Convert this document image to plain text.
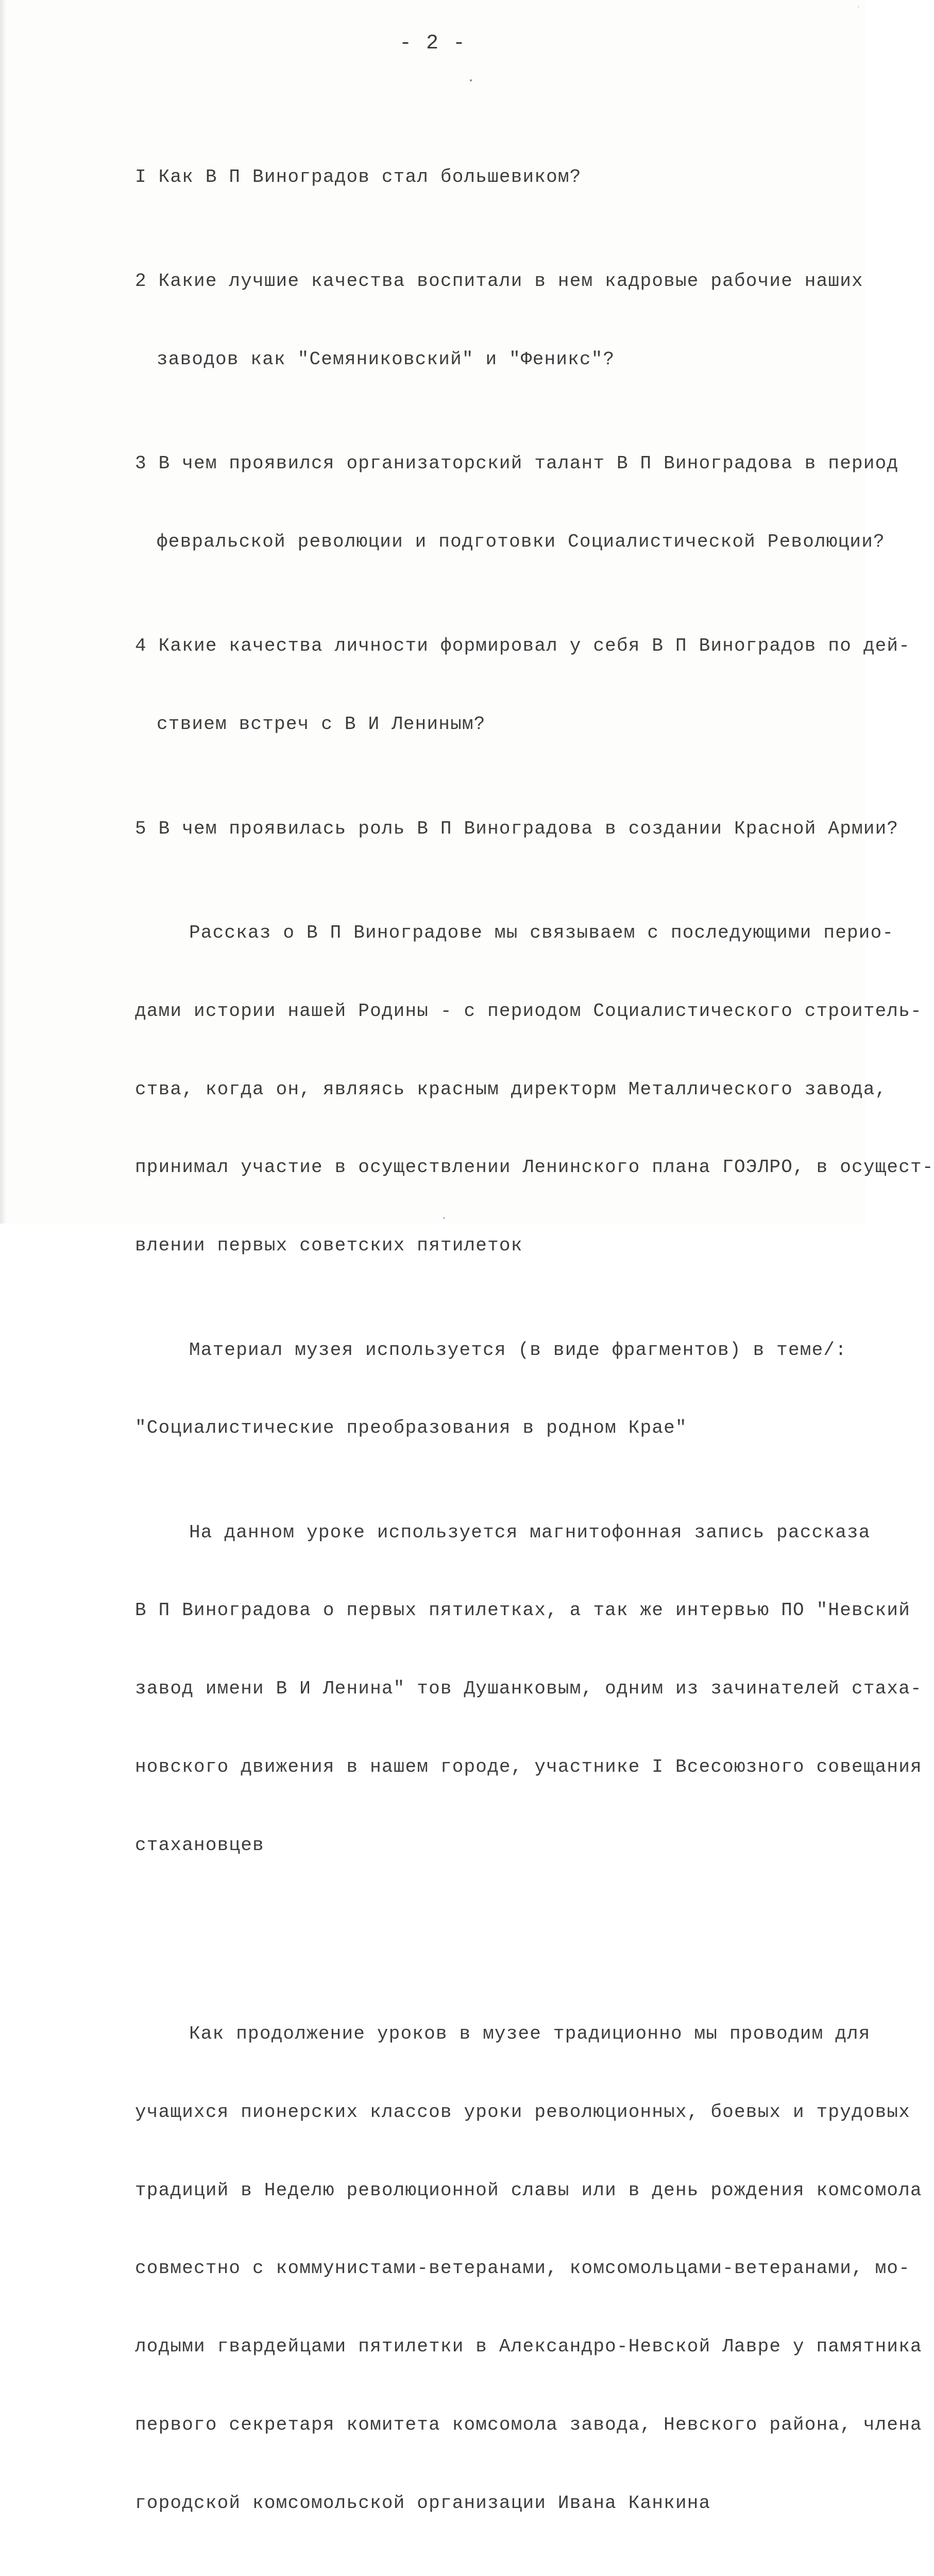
ʹ
- 2 -

I Как В П Виноградов стал большевиком?

2 Какие лучшие качества воспитали в нем кадровые рабочие наших

заводов как "Семяниковский" и "Феникс"?

3 В чем проявился организаторский талант В П Виноградова в период

февральской революции и подготовки Социалистической Революции?

4 Какие качества личности формировал у себя В П Виноградов по дей-

ствием встреч с В И Лениным?

5 В чем проявилась роль В П Виноградова в создании Красной Армии?

Рассказ о В П Виноградове мы связываем с последующими перио-

дами истории нашей Родины - с периодом Социалистического строитель-

ства, когда он, являясь красным директорм Металлического завода,

принимал участие в осуществлении Ленинского плана ГОЭЛРО, в осущест-

влении первых советских пятилеток

Материал музея используется (в виде фрагментов) в теме/:

"Социалистические преобразования в родном Крае"

На данном уроке используется магнитофонная запись рассказа

В П Виноградова о первых пятилетках, а так же интервью ПО "Невский

завод имени В И Ленина" тов Душанковым, одним из зачинателей стаха-

новского движения в нашем городе, участнике I Всесоюзного совещания

стахановцев

Как продолжение уроков в музее традиционно мы проводим для

учащихся пионерских классов уроки революционных, боевых и трудовых

традиций в Неделю революционной славы или в день рождения комсомола

совместно с коммунистами-ветеранами, комсомольцами-ветеранами, мо-

лодыми гвардейцами пятилетки в Александро-Невской Лавре у памятника

первого секретаря комитета комсомола завода, Невского района, члена

городской комсомольской организации Ивана Канкина
